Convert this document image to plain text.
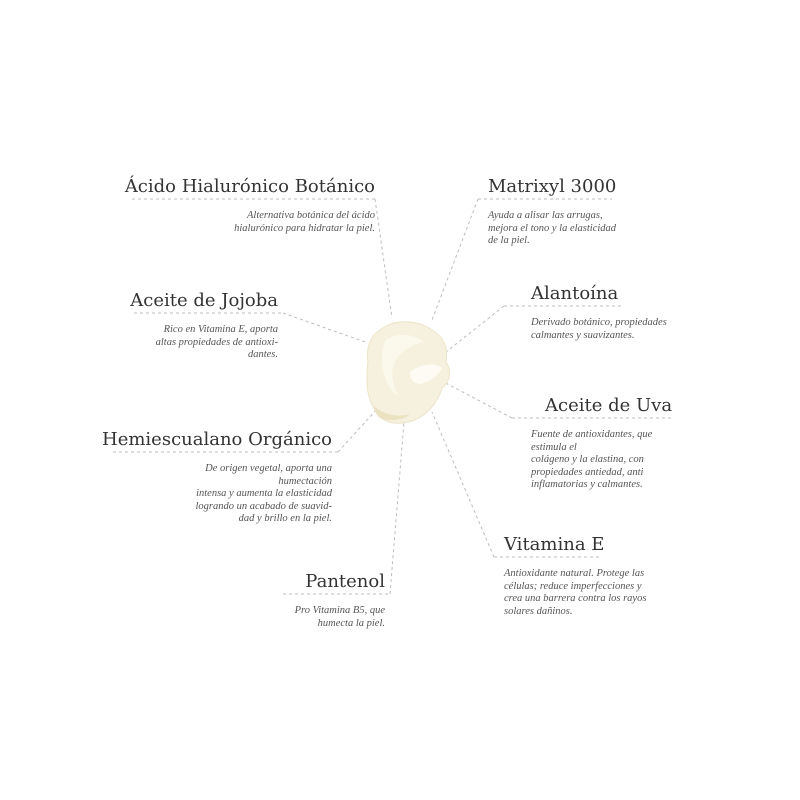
Ácido Hialurónico Botánico
Alternativa botánica del ácido
hialurónico para hidratar la piel.
Aceite de Jojoba
Rico en Vitamina E, aporta
altas propiedades de antioxi-
dantes.
Hemiescualano Orgánico
De origen vegetal, aporta una
humectación
intensa y aumenta la elasticidad
logrando un acabado de suavid-
dad y brillo en la piel.
Pantenol
Pro Vitamina B5, que
humecta la piel.
Matrixyl 3000
Ayuda a alisar las arrugas,
mejora el tono y la elasticidad
de la piel.
Alantoína
Derivado botánico, propiedades
calmantes y suavizantes.
Aceite de Uva
Fuente de antioxidantes, que
estimula el
colágeno y la elastina, con
propiedades antiedad, anti
inflamatorias y calmantes.
Vitamina E
Antioxidante natural. Protege las
células; reduce imperfecciones y
crea una barrera contra los rayos
solares dañinos.
